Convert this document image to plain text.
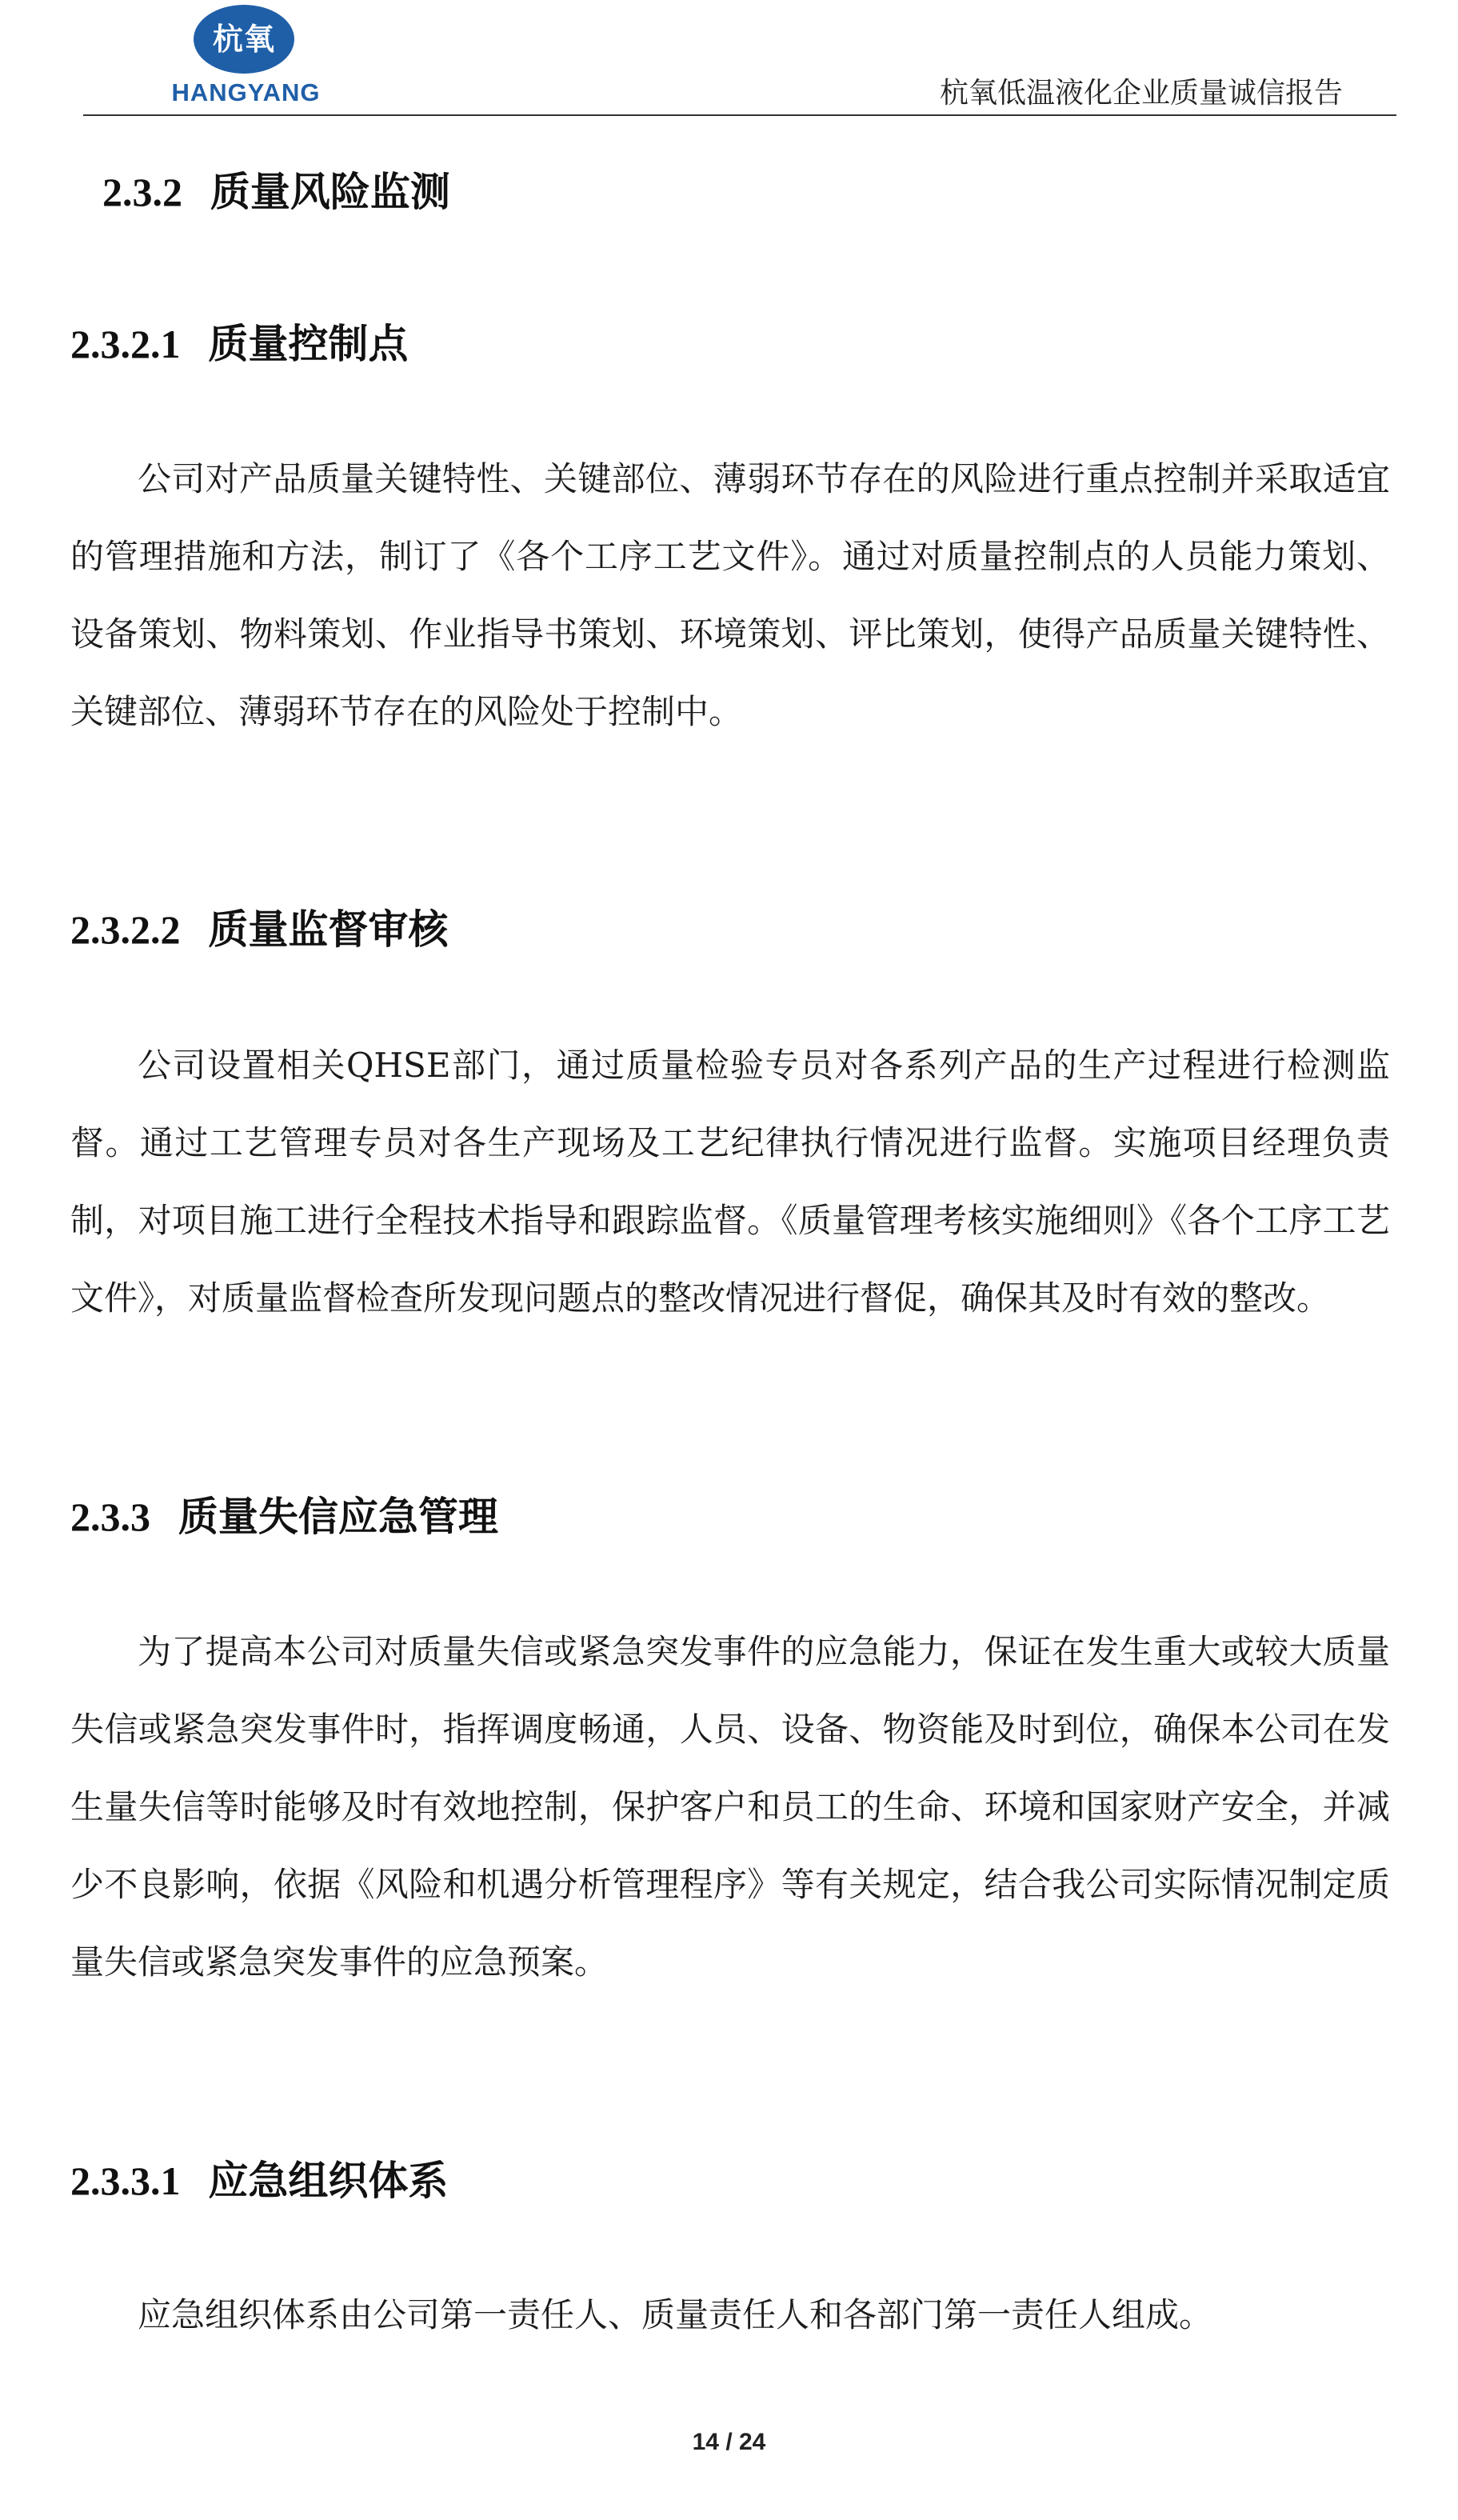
杭氧
HANGYANG	杭氧低温液化企业质量诚信报告
2.3.2 质量风险监测
2.3.2.1 质量控制点

公司对产品质量关键特性、关键部位、薄弱环节存在的风险进行重点控制并采取适宜的管理措施和方法，制订了《各个工序工艺文件》。通过对质量控制点的人员能力策划、设备策划、物料策划、作业指导书策划、环境策划、评比策划，使得产品质量关键特性、关键部位、薄弱环节存在的风险处于控制中。

2.3.2.2 质量监督审核

公司设置相关QHSE部门，通过质量检验专员对各系列产品的生产过程进行检测监督。通过工艺管理专员对各生产现场及工艺纪律执行情况进行监督。实施项目经理负责制，对项目施工进行全程技术指导和跟踪监督。《质量管理考核实施细则》《各个工序工艺文件》，对质量监督检查所发现问题点的整改情况进行督促，确保其及时有效的整改。

2.3.3 质量失信应急管理

为了提高本公司对质量失信或紧急突发事件的应急能力，保证在发生重大或较大质量失信或紧急突发事件时，指挥调度畅通，人员、设备、物资能及时到位，确保本公司在发生量失信等时能够及时有效地控制，保护客户和员工的生命、环境和国家财产安全，并减少不良影响，依据《风险和机遇分析管理程序》等有关规定，结合我公司实际情况制定质量失信或紧急突发事件的应急预案。

2.3.3.1 应急组织体系

应急组织体系由公司第一责任人、质量责任人和各部门第一责任人组成。

14 / 24
